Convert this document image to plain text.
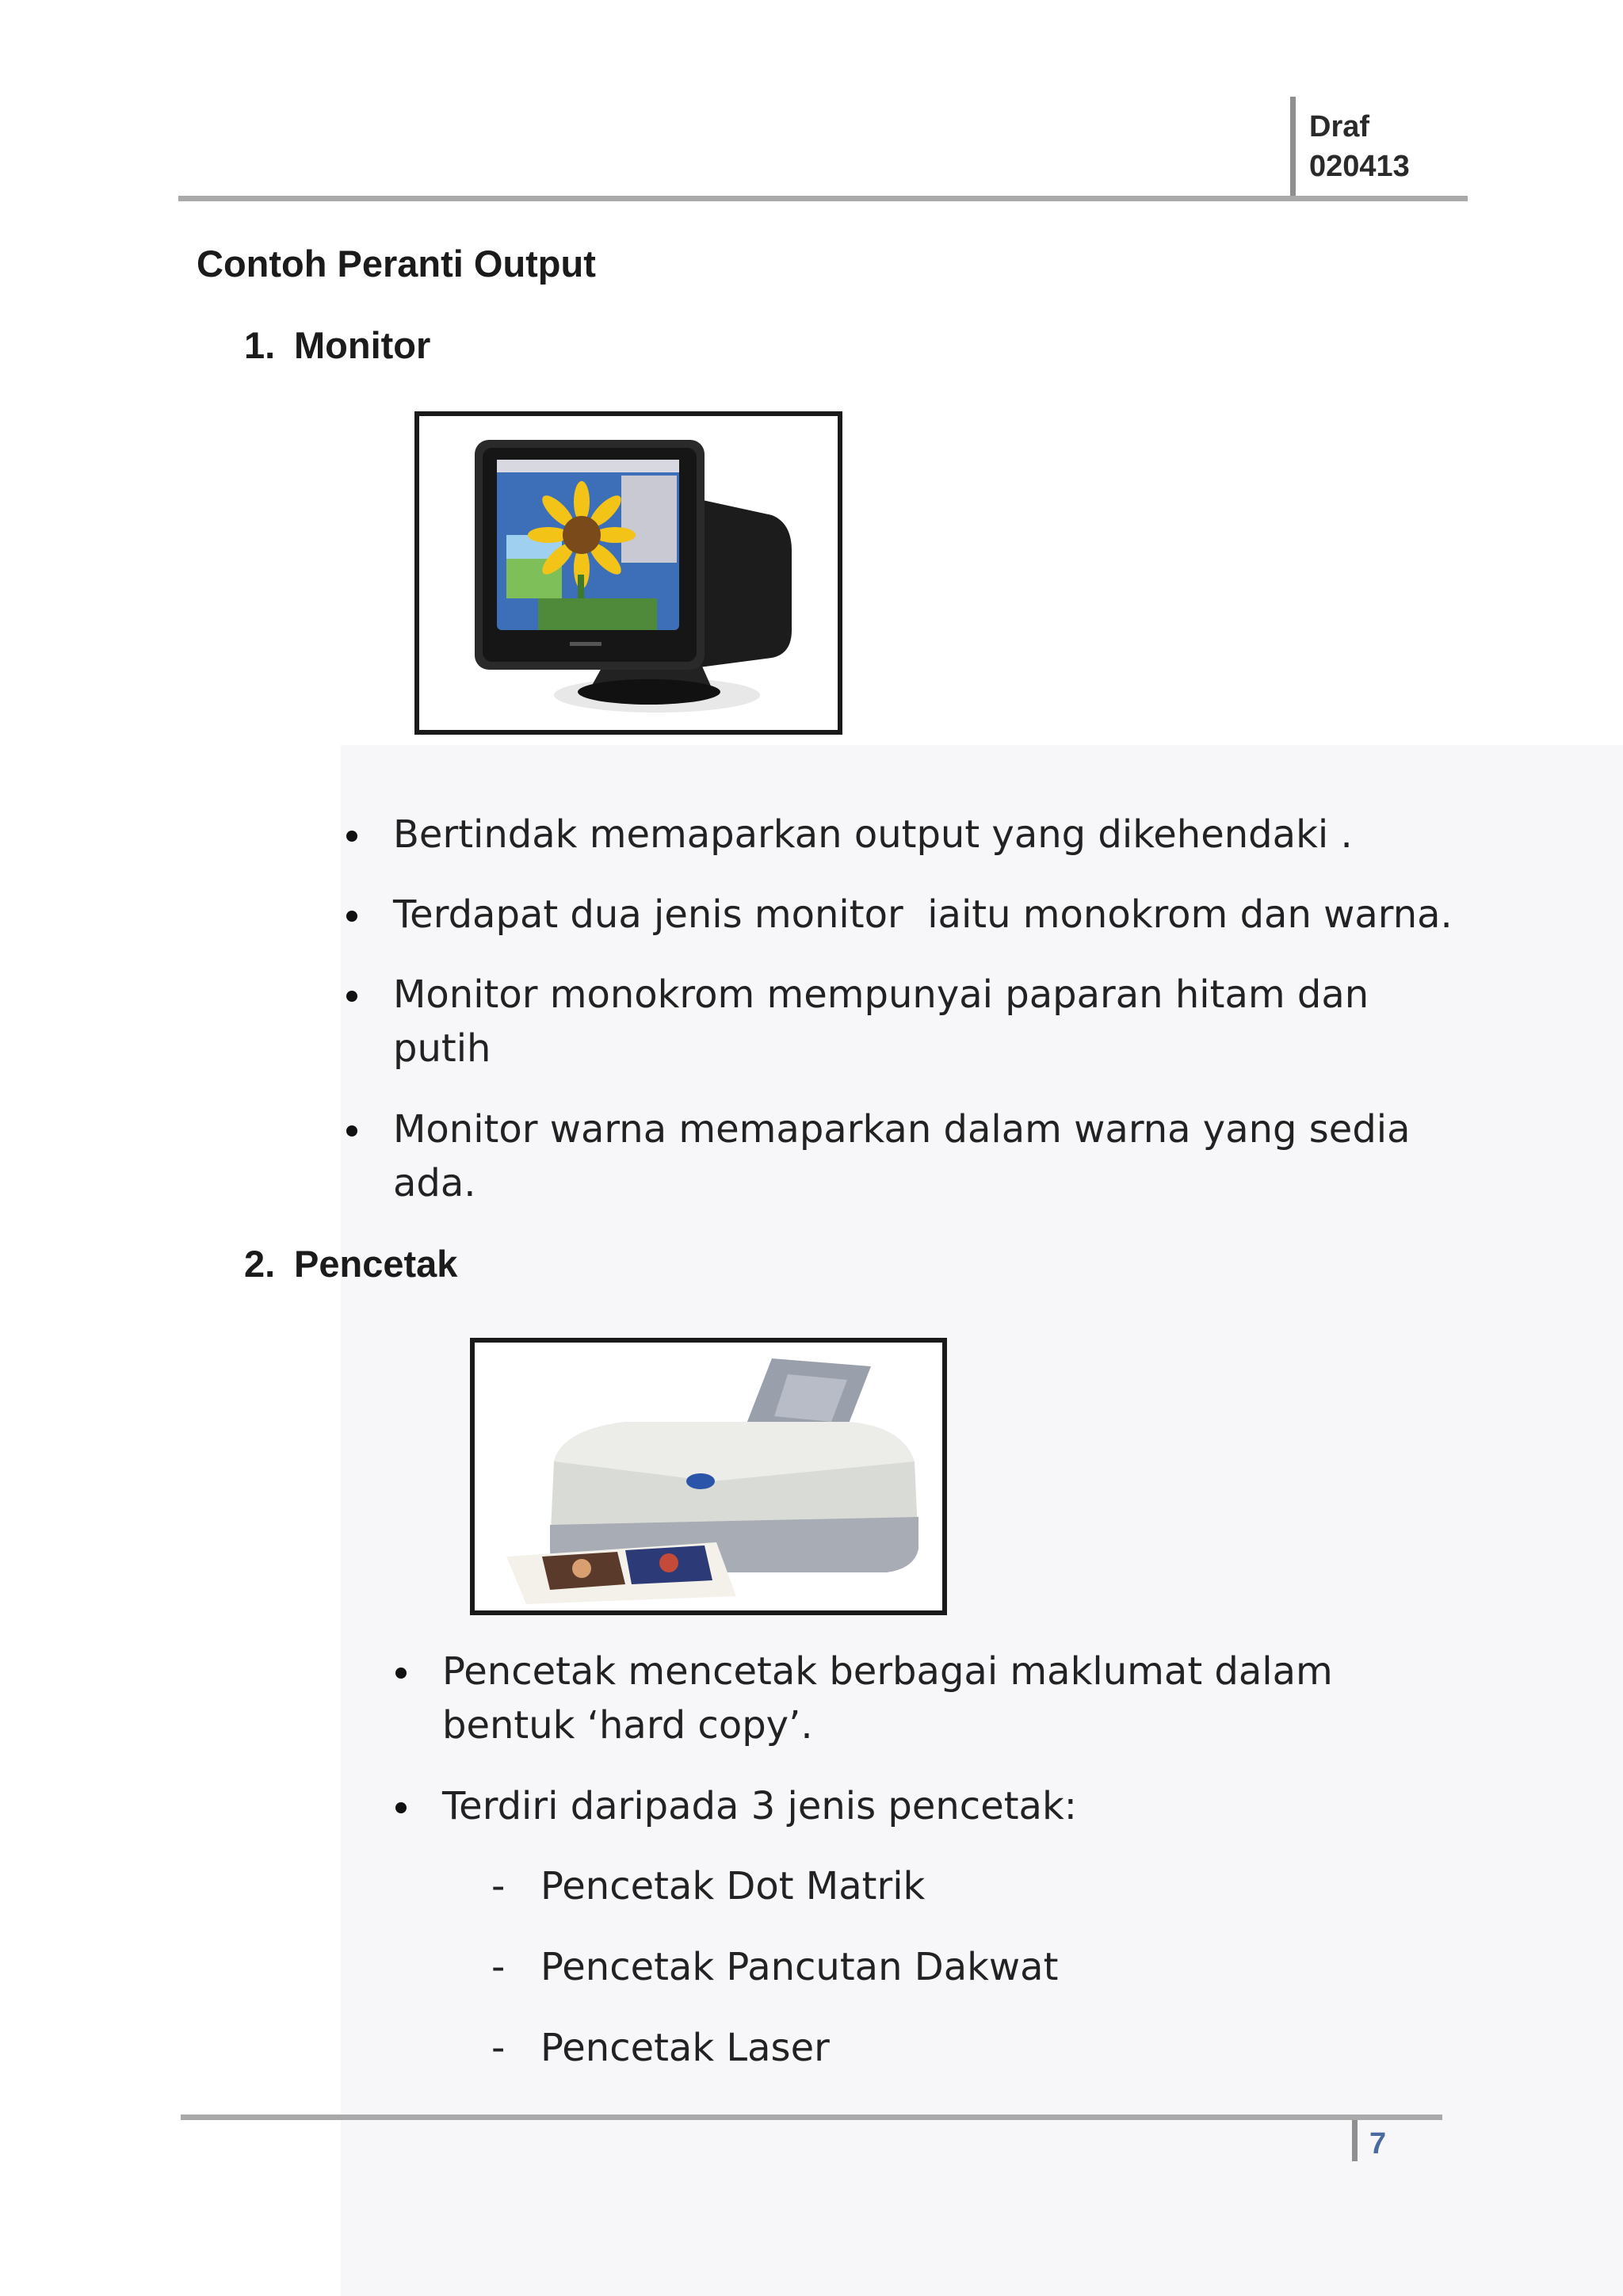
Draf
020413
Contoh Peranti Output
1. Monitor
Bertindak memaparkan output yang dikehendaki .
Terdapat dua jenis monitor  iaitu monokrom dan warna.
Monitor monokrom mempunyai paparan hitam dan
putih
Monitor warna memaparkan dalam warna yang sedia
ada.
2. Pencetak
Pencetak mencetak berbagai maklumat dalam
bentuk ‘hard copy’.
Terdiri daripada 3 jenis pencetak:
- Pencetak Dot Matrik
- Pencetak Pancutan Dakwat
- Pencetak Laser
7
